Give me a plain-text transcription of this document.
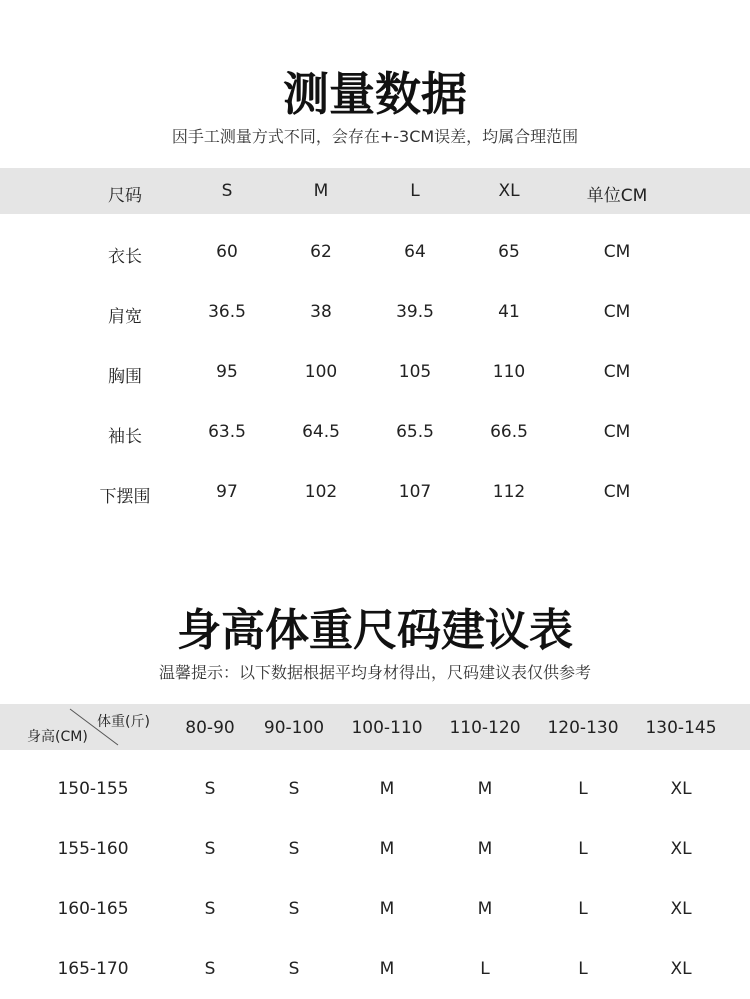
测量数据

因手工测量方式不同，会存在+-3CM误差，均属合理范围

尺码	S	M	L	XL	单位CM
衣长	60	62	64	65	CM
肩宽	36.5	38	39.5	41	CM
胸围	95	100	105	110	CM
袖长	63.5	64.5	65.5	66.5	CM
下摆围	97	102	107	112	CM
身高体重尺码建议表

温馨提示：以下数据根据平均身材得出，尺码建议表仅供参考

体重(斤)
身高(CM)	80-90	90-100	100-110	110-120	120-130	130-145
150-155	S	S	M	M	L	XL
155-160	S	S	M	M	L	XL
160-165	S	S	M	M	L	XL
165-170	S	S	M	L	L	XL
